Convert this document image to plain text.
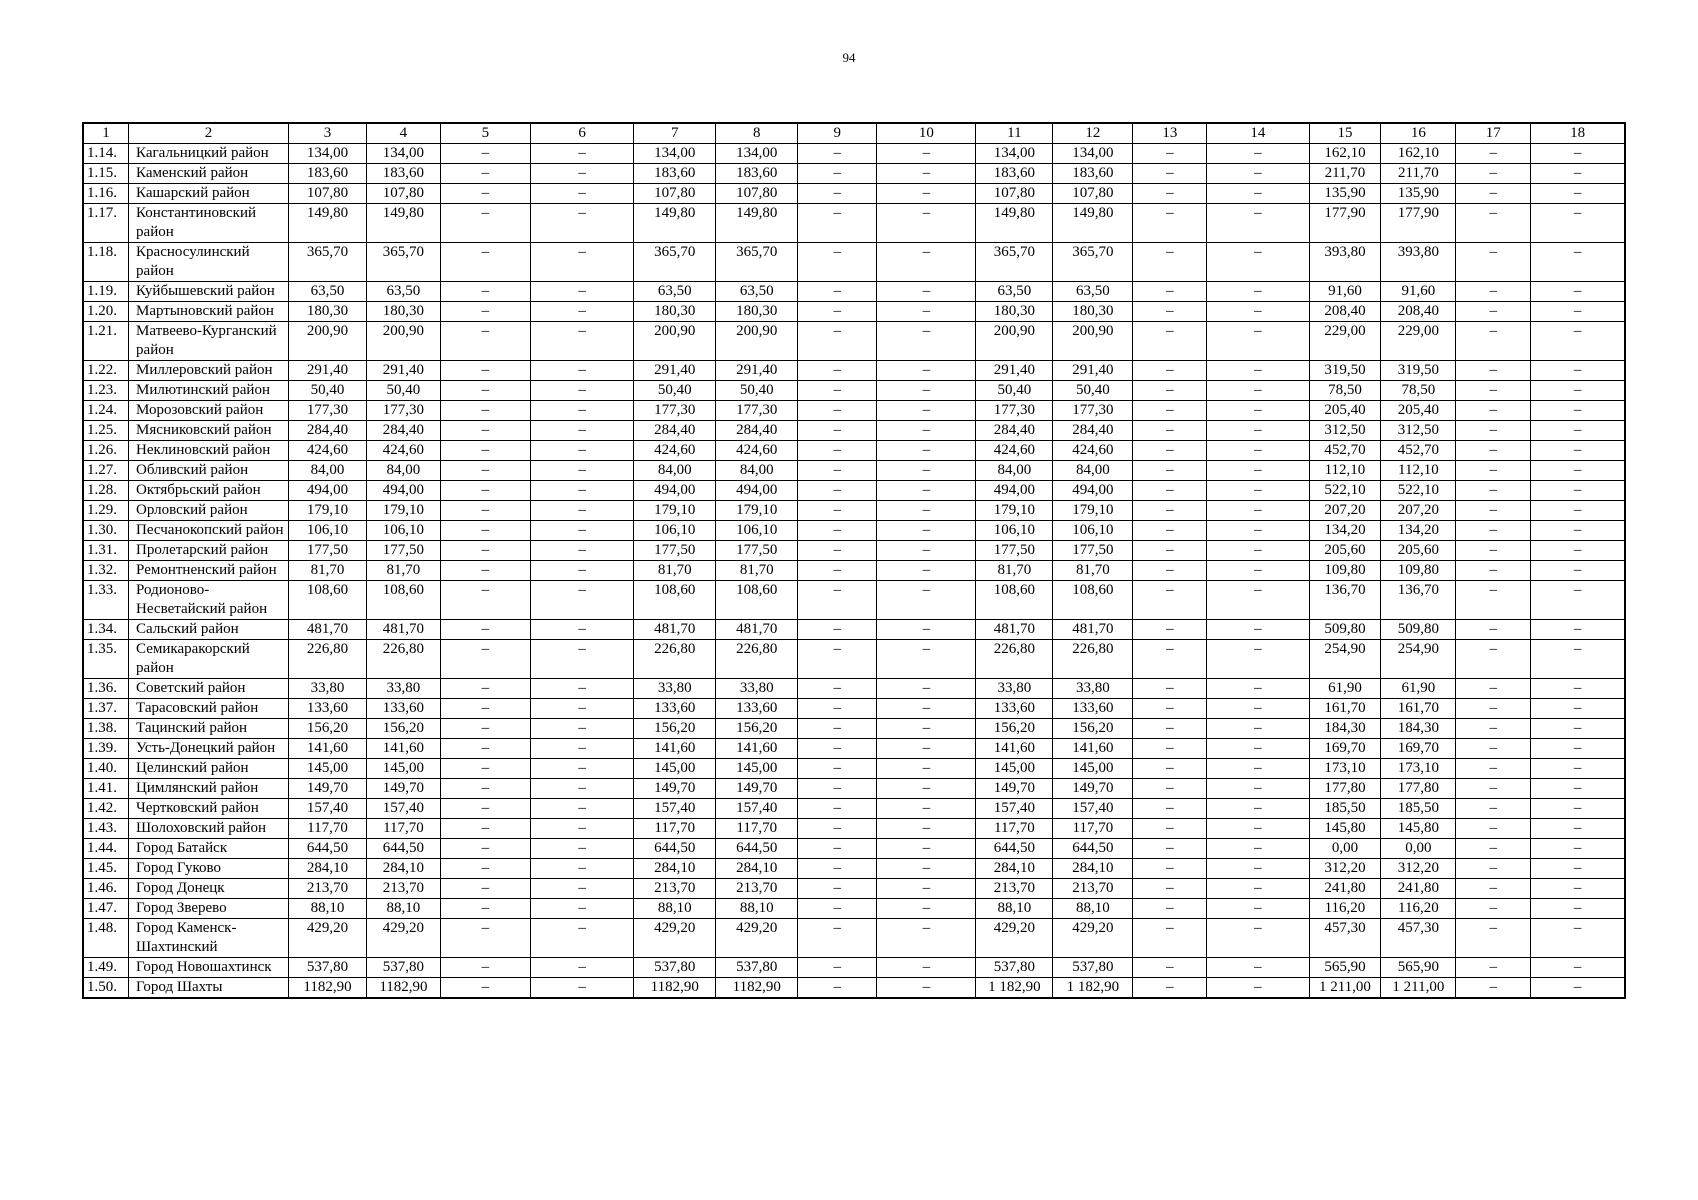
94
1	2	3	4	5	6	7	8	9	10	11	12	13	14	15	16	17	18
1.14.	Кагальницкий район	134,00	134,00	–	–	134,00	134,00	–	–	134,00	134,00	–	–	162,10	162,10	–	–
1.15.	Каменский район	183,60	183,60	–	–	183,60	183,60	–	–	183,60	183,60	–	–	211,70	211,70	–	–
1.16.	Кашарский район	107,80	107,80	–	–	107,80	107,80	–	–	107,80	107,80	–	–	135,90	135,90	–	–
1.17.	Константиновский район	149,80	149,80	–	–	149,80	149,80	–	–	149,80	149,80	–	–	177,90	177,90	–	–
1.18.	Красносулинский район	365,70	365,70	–	–	365,70	365,70	–	–	365,70	365,70	–	–	393,80	393,80	–	–
1.19.	Куйбышевский район	63,50	63,50	–	–	63,50	63,50	–	–	63,50	63,50	–	–	91,60	91,60	–	–
1.20.	Мартыновский район	180,30	180,30	–	–	180,30	180,30	–	–	180,30	180,30	–	–	208,40	208,40	–	–
1.21.	Матвеево-Курганский район	200,90	200,90	–	–	200,90	200,90	–	–	200,90	200,90	–	–	229,00	229,00	–	–
1.22.	Миллеровский район	291,40	291,40	–	–	291,40	291,40	–	–	291,40	291,40	–	–	319,50	319,50	–	–
1.23.	Милютинский район	50,40	50,40	–	–	50,40	50,40	–	–	50,40	50,40	–	–	78,50	78,50	–	–
1.24.	Морозовский район	177,30	177,30	–	–	177,30	177,30	–	–	177,30	177,30	–	–	205,40	205,40	–	–
1.25.	Мясниковский район	284,40	284,40	–	–	284,40	284,40	–	–	284,40	284,40	–	–	312,50	312,50	–	–
1.26.	Неклиновский район	424,60	424,60	–	–	424,60	424,60	–	–	424,60	424,60	–	–	452,70	452,70	–	–
1.27.	Обливский район	84,00	84,00	–	–	84,00	84,00	–	–	84,00	84,00	–	–	112,10	112,10	–	–
1.28.	Октябрьский район	494,00	494,00	–	–	494,00	494,00	–	–	494,00	494,00	–	–	522,10	522,10	–	–
1.29.	Орловский район	179,10	179,10	–	–	179,10	179,10	–	–	179,10	179,10	–	–	207,20	207,20	–	–
1.30.	Песчанокопский район	106,10	106,10	–	–	106,10	106,10	–	–	106,10	106,10	–	–	134,20	134,20	–	–
1.31.	Пролетарский район	177,50	177,50	–	–	177,50	177,50	–	–	177,50	177,50	–	–	205,60	205,60	–	–
1.32.	Ремонтненский район	81,70	81,70	–	–	81,70	81,70	–	–	81,70	81,70	–	–	109,80	109,80	–	–
1.33.	Родионово-Несветайский район	108,60	108,60	–	–	108,60	108,60	–	–	108,60	108,60	–	–	136,70	136,70	–	–
1.34.	Сальский район	481,70	481,70	–	–	481,70	481,70	–	–	481,70	481,70	–	–	509,80	509,80	–	–
1.35.	Семикаракорский район	226,80	226,80	–	–	226,80	226,80	–	–	226,80	226,80	–	–	254,90	254,90	–	–
1.36.	Советский район	33,80	33,80	–	–	33,80	33,80	–	–	33,80	33,80	–	–	61,90	61,90	–	–
1.37.	Тарасовский район	133,60	133,60	–	–	133,60	133,60	–	–	133,60	133,60	–	–	161,70	161,70	–	–
1.38.	Тацинский район	156,20	156,20	–	–	156,20	156,20	–	–	156,20	156,20	–	–	184,30	184,30	–	–
1.39.	Усть-Донецкий район	141,60	141,60	–	–	141,60	141,60	–	–	141,60	141,60	–	–	169,70	169,70	–	–
1.40.	Целинский район	145,00	145,00	–	–	145,00	145,00	–	–	145,00	145,00	–	–	173,10	173,10	–	–
1.41.	Цимлянский район	149,70	149,70	–	–	149,70	149,70	–	–	149,70	149,70	–	–	177,80	177,80	–	–
1.42.	Чертковский район	157,40	157,40	–	–	157,40	157,40	–	–	157,40	157,40	–	–	185,50	185,50	–	–
1.43.	Шолоховский район	117,70	117,70	–	–	117,70	117,70	–	–	117,70	117,70	–	–	145,80	145,80	–	–
1.44.	Город Батайск	644,50	644,50	–	–	644,50	644,50	–	–	644,50	644,50	–	–	0,00	0,00	–	–
1.45.	Город Гуково	284,10	284,10	–	–	284,10	284,10	–	–	284,10	284,10	–	–	312,20	312,20	–	–
1.46.	Город Донецк	213,70	213,70	–	–	213,70	213,70	–	–	213,70	213,70	–	–	241,80	241,80	–	–
1.47.	Город Зверево	88,10	88,10	–	–	88,10	88,10	–	–	88,10	88,10	–	–	116,20	116,20	–	–
1.48.	Город Каменск-Шахтинский	429,20	429,20	–	–	429,20	429,20	–	–	429,20	429,20	–	–	457,30	457,30	–	–
1.49.	Город Новошахтинск	537,80	537,80	–	–	537,80	537,80	–	–	537,80	537,80	–	–	565,90	565,90	–	–
1.50.	Город Шахты	1182,90	1182,90	–	–	1182,90	1182,90	–	–	1 182,90	1 182,90	–	–	1 211,00	1 211,00	–	–
